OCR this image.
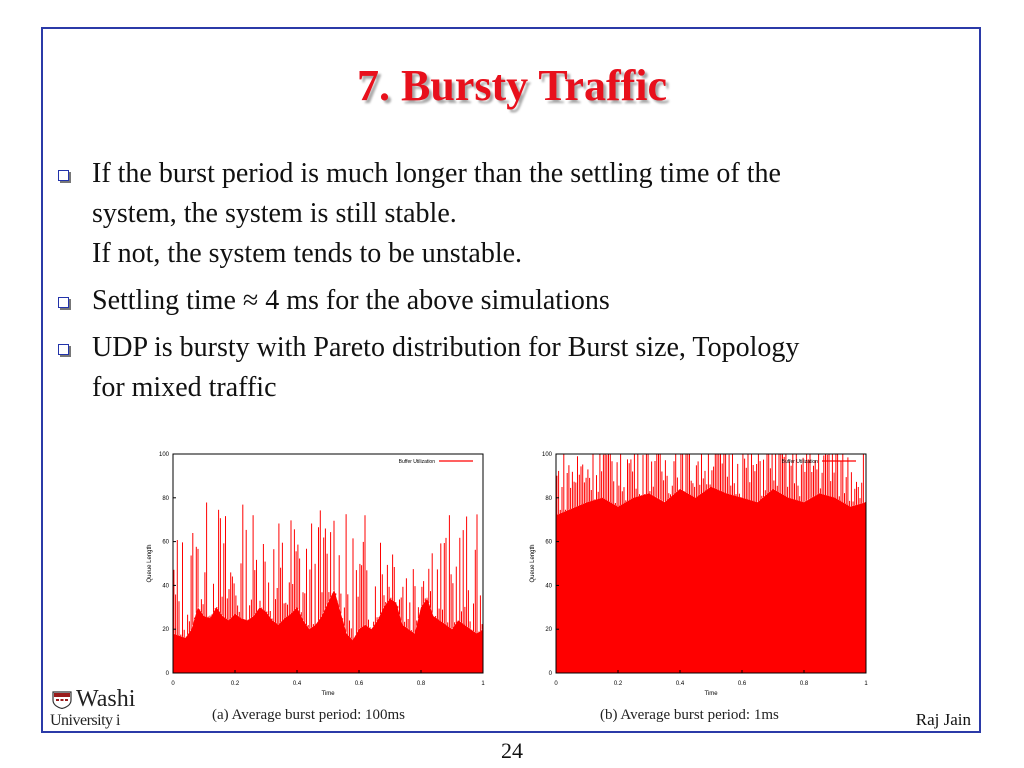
7. Bursty Traffic
If the burst period is much longer than the settling time of the
system, the system is still stable.
If not, the system tends to be unstable.
Settling time ≈ 4 ms for the above simulations
UDP is bursty with Pareto distribution for Burst size, Topology
for mixed traffic
0	0.2	0.4	0.6	0.8	1
0
20
40
60
80
100
Time
Queue Length
Buffer Utilization
0	0.2	0.4	0.6	0.8	1
0
20
40
60
80
100
Time
Queue Length
Buffer Utilization
(a) Average burst period: 100ms	(b) Average burst period: 1ms
Washi
University i	Raj Jain
24
